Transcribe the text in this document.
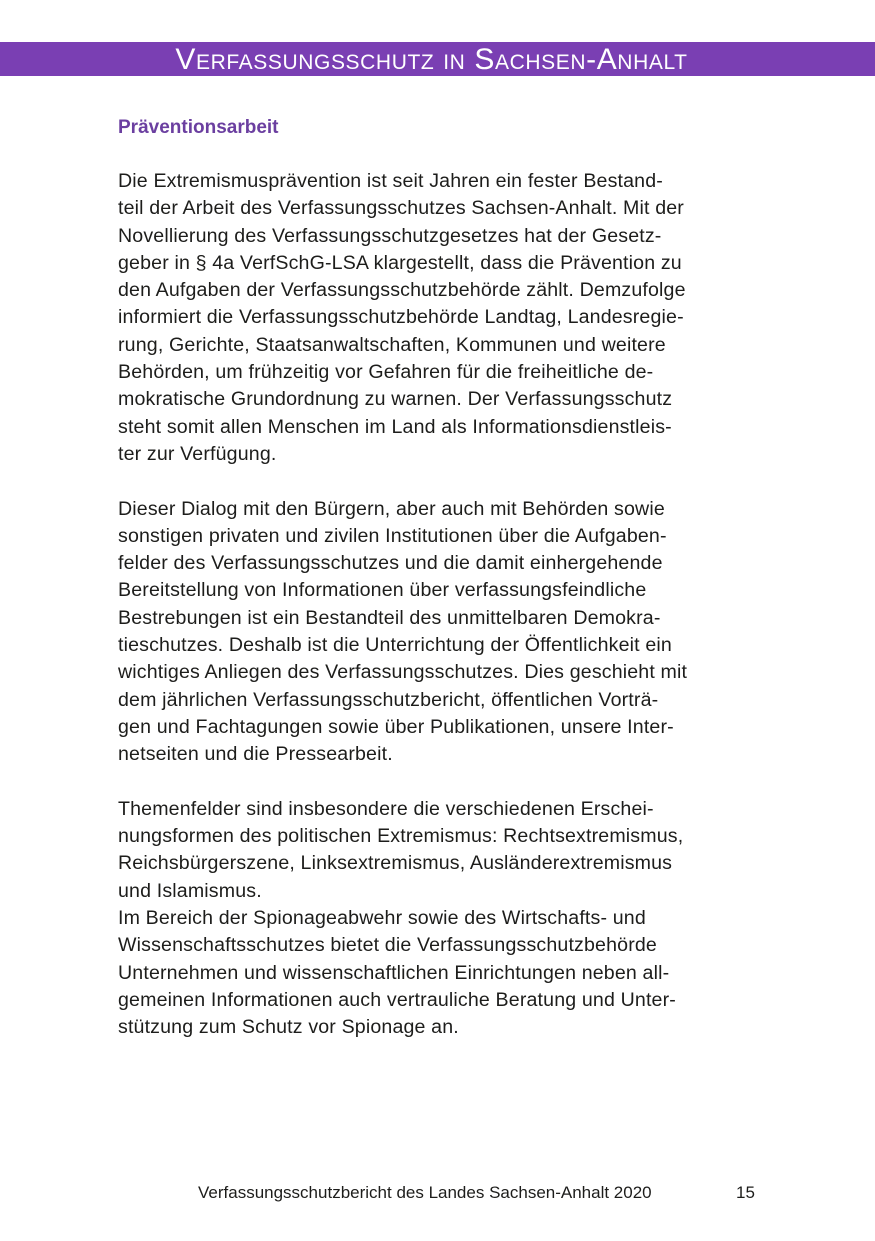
Verfassungsschutz in Sachsen-Anhalt
Präventionsarbeit
Die Extremismusprävention ist seit Jahren ein fester Bestand-
teil der Arbeit des Verfassungsschutzes Sachsen-Anhalt. Mit der
Novellierung des Verfassungsschutzgesetzes hat der Gesetz-
geber in § 4a VerfSchG-LSA klargestellt, dass die Prävention zu
den Aufgaben der Verfassungsschutzbehörde zählt. Demzufolge
informiert die Verfassungsschutzbehörde Landtag, Landesregie-
rung, Gerichte, Staatsanwaltschaften, Kommunen und weitere
Behörden, um frühzeitig vor Gefahren für die freiheitliche de-
mokratische Grundordnung zu warnen. Der Verfassungsschutz
steht somit allen Menschen im Land als Informationsdienstleis-
ter zur Verfügung.
Dieser Dialog mit den Bürgern, aber auch mit Behörden sowie
sonstigen privaten und zivilen Institutionen über die Aufgaben-
felder des Verfassungsschutzes und die damit einhergehende
Bereitstellung von Informationen über verfassungsfeindliche
Bestrebungen ist ein Bestandteil des unmittelbaren Demokra-
tieschutzes. Deshalb ist die Unterrichtung der Öffentlichkeit ein
wichtiges Anliegen des Verfassungsschutzes. Dies geschieht mit
dem jährlichen Verfassungsschutzbericht, öffentlichen Vorträ-
gen und Fachtagungen sowie über Publikationen, unsere Inter-
netseiten und die Pressearbeit.
Themenfelder sind insbesondere die verschiedenen Erschei-
nungsformen des politischen Extremismus: Rechtsextremismus,
Reichsbürgerszene, Linksextremismus, Ausländerextremismus
und Islamismus.
Im Bereich der Spionageabwehr sowie des Wirtschafts- und
Wissenschaftsschutzes bietet die Verfassungsschutzbehörde
Unternehmen und wissenschaftlichen Einrichtungen neben all-
gemeinen Informationen auch vertrauliche Beratung und Unter-
stützung zum Schutz vor Spionage an.
Verfassungsschutzbericht des Landes Sachsen-Anhalt 2020	15
